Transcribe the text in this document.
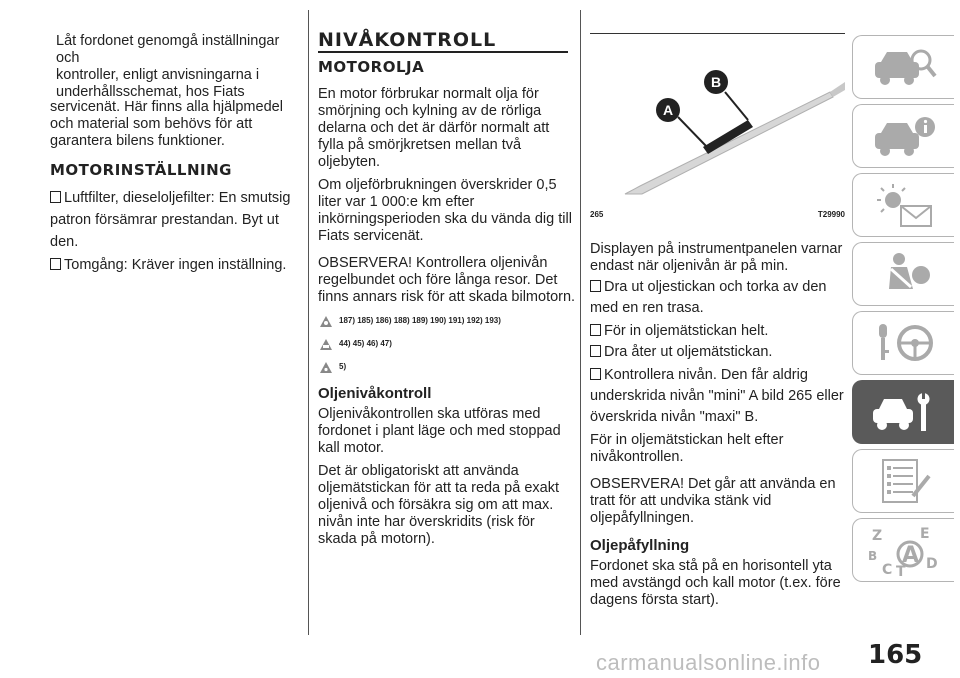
Låt fordonet genomgå inställningar och
kontroller, enligt anvisningarna i
underhållsschemat, hos Fiats

servicenät. Här finns alla hjälpmedel och material som behövs för att garantera bilens funktioner.

MOTORINSTÄLLNING
Luftfilter, dieseloljefilter: En smutsig patron försämrar prestandan. Byt ut den.
Tomgång: Kräver ingen inställning.
NIVÅKONTROLL
MOTOROLJA

En motor förbrukar normalt olja för smörjning och kylning av de rörliga delarna och det är därför normalt att fylla på smörjkretsen mellan två oljebyten.

Om oljeförbrukningen överskrider 0,5 liter var 1 000:e km efter inkörningsperioden ska du vända dig till Fiats servicenät.

OBSERVERA! Kontrollera oljenivån regelbundet och före långa resor. Det finns annars risk för att skada bilmotorn.

187) 185) 186) 188) 189) 190) 191) 192) 193)
44) 45) 46) 47)
5)
Oljenivåkontroll

Oljenivåkontrollen ska utföras med fordonet i plant läge och med stoppad kall motor.

Det är obligatoriskt att använda oljemätstickan för att ta reda på exakt oljenivå och försäkra sig om att max. nivån inte har överskridits (risk för skada på motorn).

A
B
265	T29990

Displayen på instrumentpanelen varnar endast när oljenivån är på min.

Dra ut oljestickan och torka av den med en ren trasa.
För in oljemätstickan helt.
Dra åter ut oljemätstickan.
Kontrollera nivån. Den får aldrig underskrida nivån "mini" A bild 265 eller överskrida nivån "maxi" B.

För in oljemätstickan helt efter nivåkontrollen.

OBSERVERA! Det går att använda en tratt för att undvika stänk vid oljepåfyllningen.

Oljepåfyllning

Fordonet ska stå på en horisontell yta med avstängd och kall motor (t.ex. före dagens första start).

Z	E
B A
C T D
165
carmanualsonline.info
